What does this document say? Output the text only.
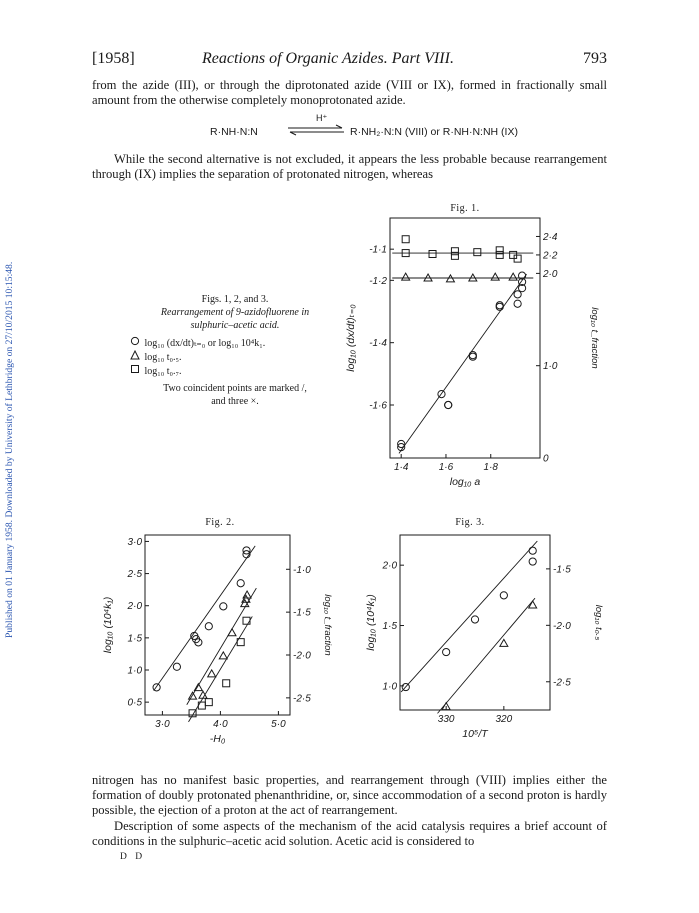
Published on 01 January 1958. Downloaded by University of Lethbridge on 27/10/2015 10:15:48.
[1958]	Reactions of Organic Azides. Part VIII.	793
from the azide (III), or through the diprotonated azide (VIII or IX), formed in fractionally small amount from the otherwise completely monoprotonated azide.
R·NH·N:N
H⁺
R·NH₂·N:N (VIII) or R·NH·N:NH (IX)
While the second alternative is not excluded, it appears the less probable because rearrangement through (IX) implies the separation of protonated nitrogen, whereas
Fig. 1.
Fig. 2.	Fig. 3.
Figs. 1, 2, and 3.
Rearrangement of 9-azidofluorene in
sulphuric–acetic acid.
log₁₀ (dx/dt)ₜ₌₀ or log₁₀ 10⁴k₁.
log₁₀ t₀.₅.
log₁₀ t₀.₇.
Two coincident points are marked /,
and three ×.
1·4	1·6	1·8
-1·1
-1·2
-1·4
-1·6
2·4
2·2
2·0
1·0
0
log₁₀ a
log₁₀ (dx/dt)ₜ₌₀	log₁₀ t_fraction
3·0	4·0	5·0
3·0
2·5
2·0
1·5
1·0
0·5
-1·0
-1·5
-2·0
-2·5
-H₀
log₁₀ (10⁴k₁)	log₁₀ t_fraction
330	320
2·0
1·5
1·0
-1·5
-2·0
-2·5
10⁵/T
log₁₀ (10⁴k₁)	log₁₀ t₀.₅
nitrogen has no manifest basic properties, and rearrangement through (VIII) implies either the formation of doubly protonated phenanthridine, or, since accommodation of a second proton is hardly possible, the ejection of a proton at the act of rearrangement.
Description of some aspects of the mechanism of the acid catalysis requires a brief account of conditions in the sulphuric–acetic acid solution. Acetic acid is considered to
D D
